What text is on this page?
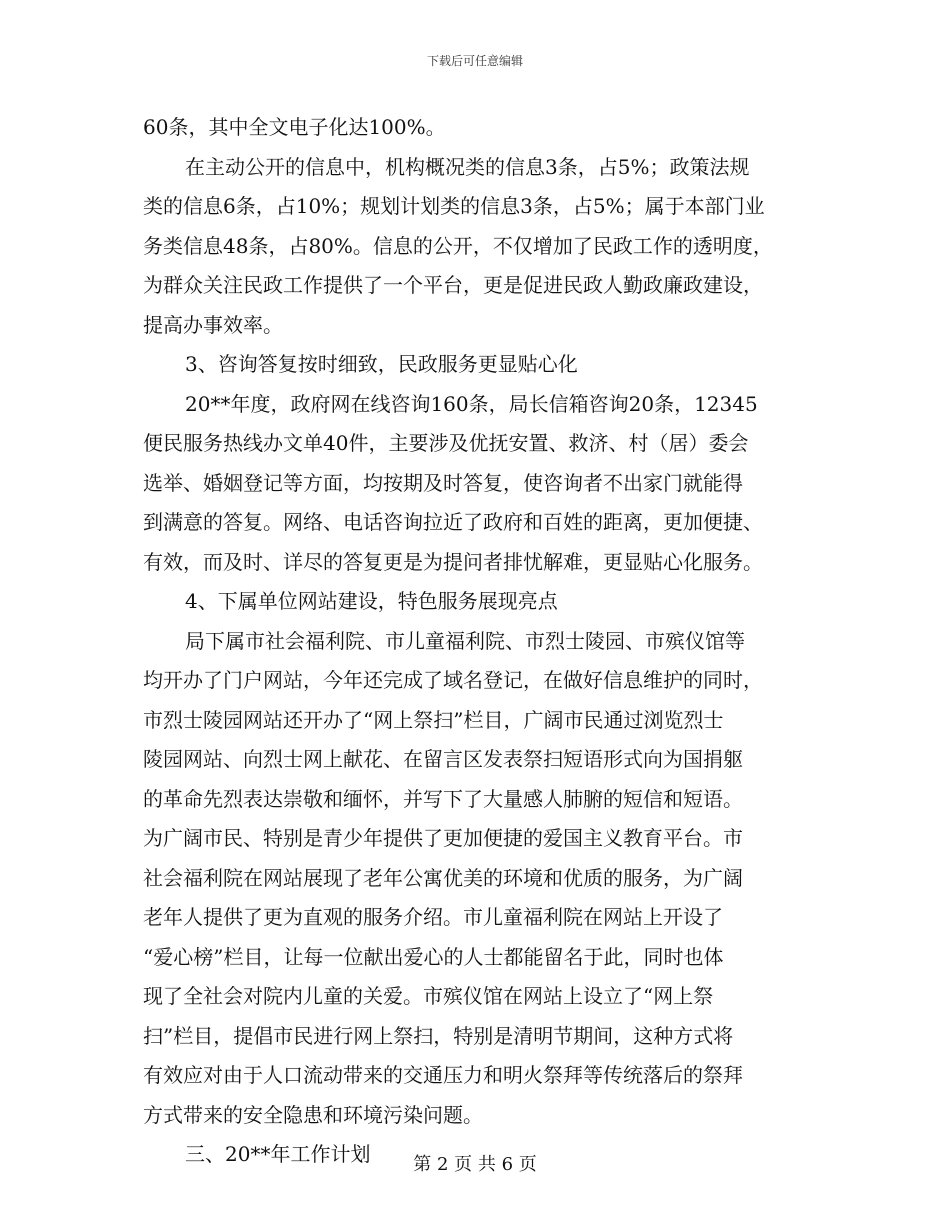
下载后可任意编辑
60条，其中全文电子化达100%。
在主动公开的信息中，机构概况类的信息3条，占5%；政策法规
类的信息6条，占10%；规划计划类的信息3条，占5%；属于本部门业
务类信息48条，占80%。信息的公开，不仅增加了民政工作的透明度，
为群众关注民政工作提供了一个平台，更是促进民政人勤政廉政建设，
提高办事效率。
3、咨询答复按时细致，民政服务更显贴心化
20**年度，政府网在线咨询160条，局长信箱咨询20条，12345
便民服务热线办文单40件，主要涉及优抚安置、救济、村（居）委会
选举、婚姻登记等方面，均按期及时答复，使咨询者不出家门就能得
到满意的答复。网络、电话咨询拉近了政府和百姓的距离，更加便捷、
有效，而及时、详尽的答复更是为提问者排忧解难，更显贴心化服务。
4、下属单位网站建设，特色服务展现亮点
局下属市社会福利院、市儿童福利院、市烈士陵园、市殡仪馆等
均开办了门户网站，今年还完成了域名登记，在做好信息维护的同时，
市烈士陵园网站还开办了“网上祭扫”栏目，广阔市民通过浏览烈士
陵园网站、向烈士网上献花、在留言区发表祭扫短语形式向为国捐躯
的革命先烈表达崇敬和缅怀，并写下了大量感人肺腑的短信和短语。
为广阔市民、特别是青少年提供了更加便捷的爱国主义教育平台。市
社会福利院在网站展现了老年公寓优美的环境和优质的服务，为广阔
老年人提供了更为直观的服务介绍。市儿童福利院在网站上开设了
“爱心榜”栏目，让每一位献出爱心的人士都能留名于此，同时也体
现了全社会对院内儿童的关爱。市殡仪馆在网站上设立了“网上祭
扫”栏目，提倡市民进行网上祭扫，特别是清明节期间，这种方式将
有效应对由于人口流动带来的交通压力和明火祭拜等传统落后的祭拜
方式带来的安全隐患和环境污染问题。
三、20**年工作计划	第 2 页 共 6 页
